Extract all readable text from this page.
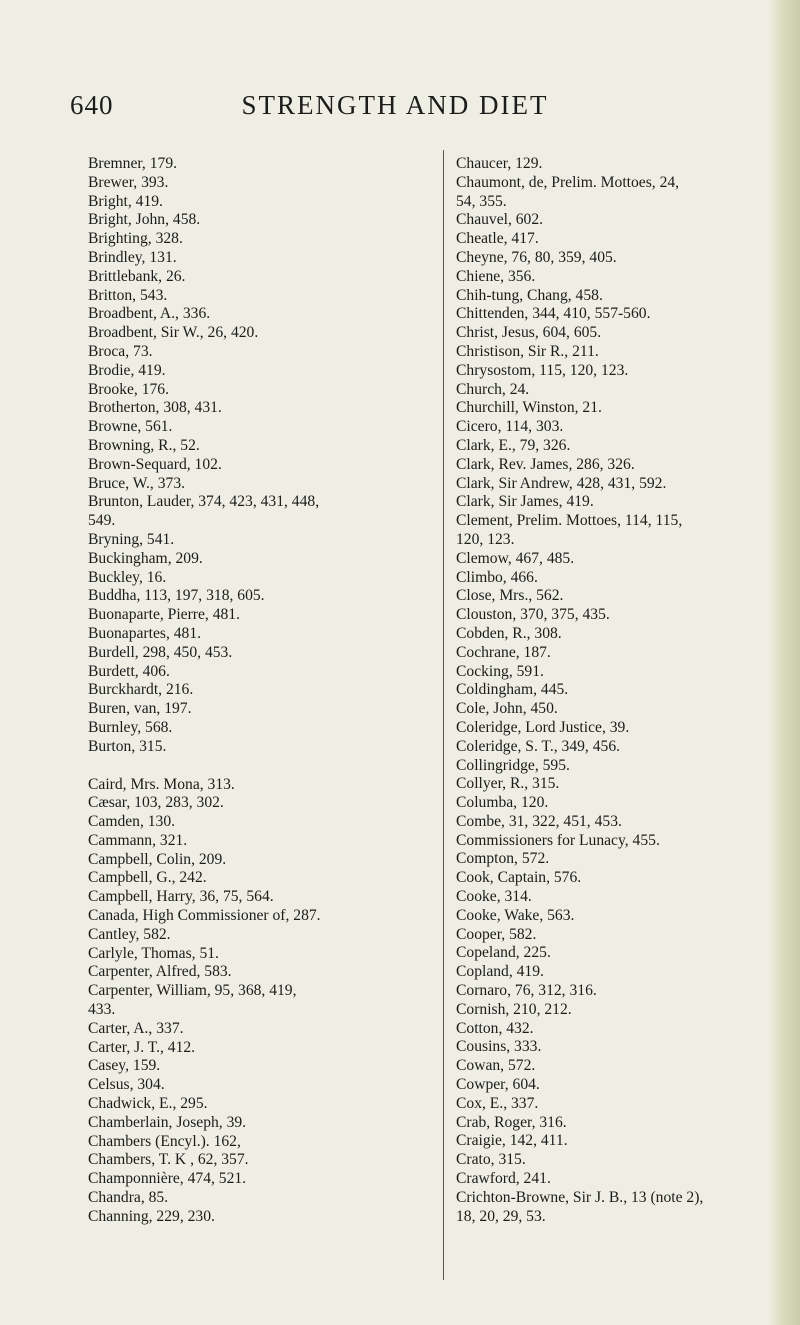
640	STRENGTH AND DIET
Bremner, 179.
Brewer, 393.
Bright, 419.
Bright, John, 458.
Brighting, 328.
Brindley, 131.
Brittlebank, 26.
Britton, 543.
Broadbent, A., 336.
Broadbent, Sir W., 26, 420.
Broca, 73.
Brodie, 419.
Brooke, 176.
Brotherton, 308, 431.
Browne, 561.
Browning, R., 52.
Brown-Sequard, 102.
Bruce, W., 373.
Brunton, Lauder, 374, 423, 431, 448,
549.
Bryning, 541.
Buckingham, 209.
Buckley, 16.
Buddha, 113, 197, 318, 605.
Buonaparte, Pierre, 481.
Buonapartes, 481.
Burdell, 298, 450, 453.
Burdett, 406.
Burckhardt, 216.
Buren, van, 197.
Burnley, 568.
Burton, 315.
Caird, Mrs. Mona, 313.
Cæsar, 103, 283, 302.
Camden, 130.
Cammann, 321.
Campbell, Colin, 209.
Campbell, G., 242.
Campbell, Harry, 36, 75, 564.
Canada, High Commissioner of, 287.
Cantley, 582.
Carlyle, Thomas, 51.
Carpenter, Alfred, 583.
Carpenter, William, 95, 368, 419,
433.
Carter, A., 337.
Carter, J. T., 412.
Casey, 159.
Celsus, 304.
Chadwick, E., 295.
Chamberlain, Joseph, 39.
Chambers (Encyl.). 162,
Chambers, T. K , 62, 357.
Champonnière, 474, 521.
Chandra, 85.
Channing, 229, 230.
Chaucer, 129.
Chaumont, de, Prelim. Mottoes, 24,
54, 355.
Chauvel, 602.
Cheatle, 417.
Cheyne, 76, 80, 359, 405.
Chiene, 356.
Chih-tung, Chang, 458.
Chittenden, 344, 410, 557-560.
Christ, Jesus, 604, 605.
Christison, Sir R., 211.
Chrysostom, 115, 120, 123.
Church, 24.
Churchill, Winston, 21.
Cicero, 114, 303.
Clark, E., 79, 326.
Clark, Rev. James, 286, 326.
Clark, Sir Andrew, 428, 431, 592.
Clark, Sir James, 419.
Clement, Prelim. Mottoes, 114, 115,
120, 123.
Clemow, 467, 485.
Climbo, 466.
Close, Mrs., 562.
Clouston, 370, 375, 435.
Cobden, R., 308.
Cochrane, 187.
Cocking, 591.
Coldingham, 445.
Cole, John, 450.
Coleridge, Lord Justice, 39.
Coleridge, S. T., 349, 456.
Collingridge, 595.
Collyer, R., 315.
Columba, 120.
Combe, 31, 322, 451, 453.
Commissioners for Lunacy, 455.
Compton, 572.
Cook, Captain, 576.
Cooke, 314.
Cooke, Wake, 563.
Cooper, 582.
Copeland, 225.
Copland, 419.
Cornaro, 76, 312, 316.
Cornish, 210, 212.
Cotton, 432.
Cousins, 333.
Cowan, 572.
Cowper, 604.
Cox, E., 337.
Crab, Roger, 316.
Craigie, 142, 411.
Crato, 315.
Crawford, 241.
Crichton-Browne, Sir J. B., 13 (note 2),
18, 20, 29, 53.
